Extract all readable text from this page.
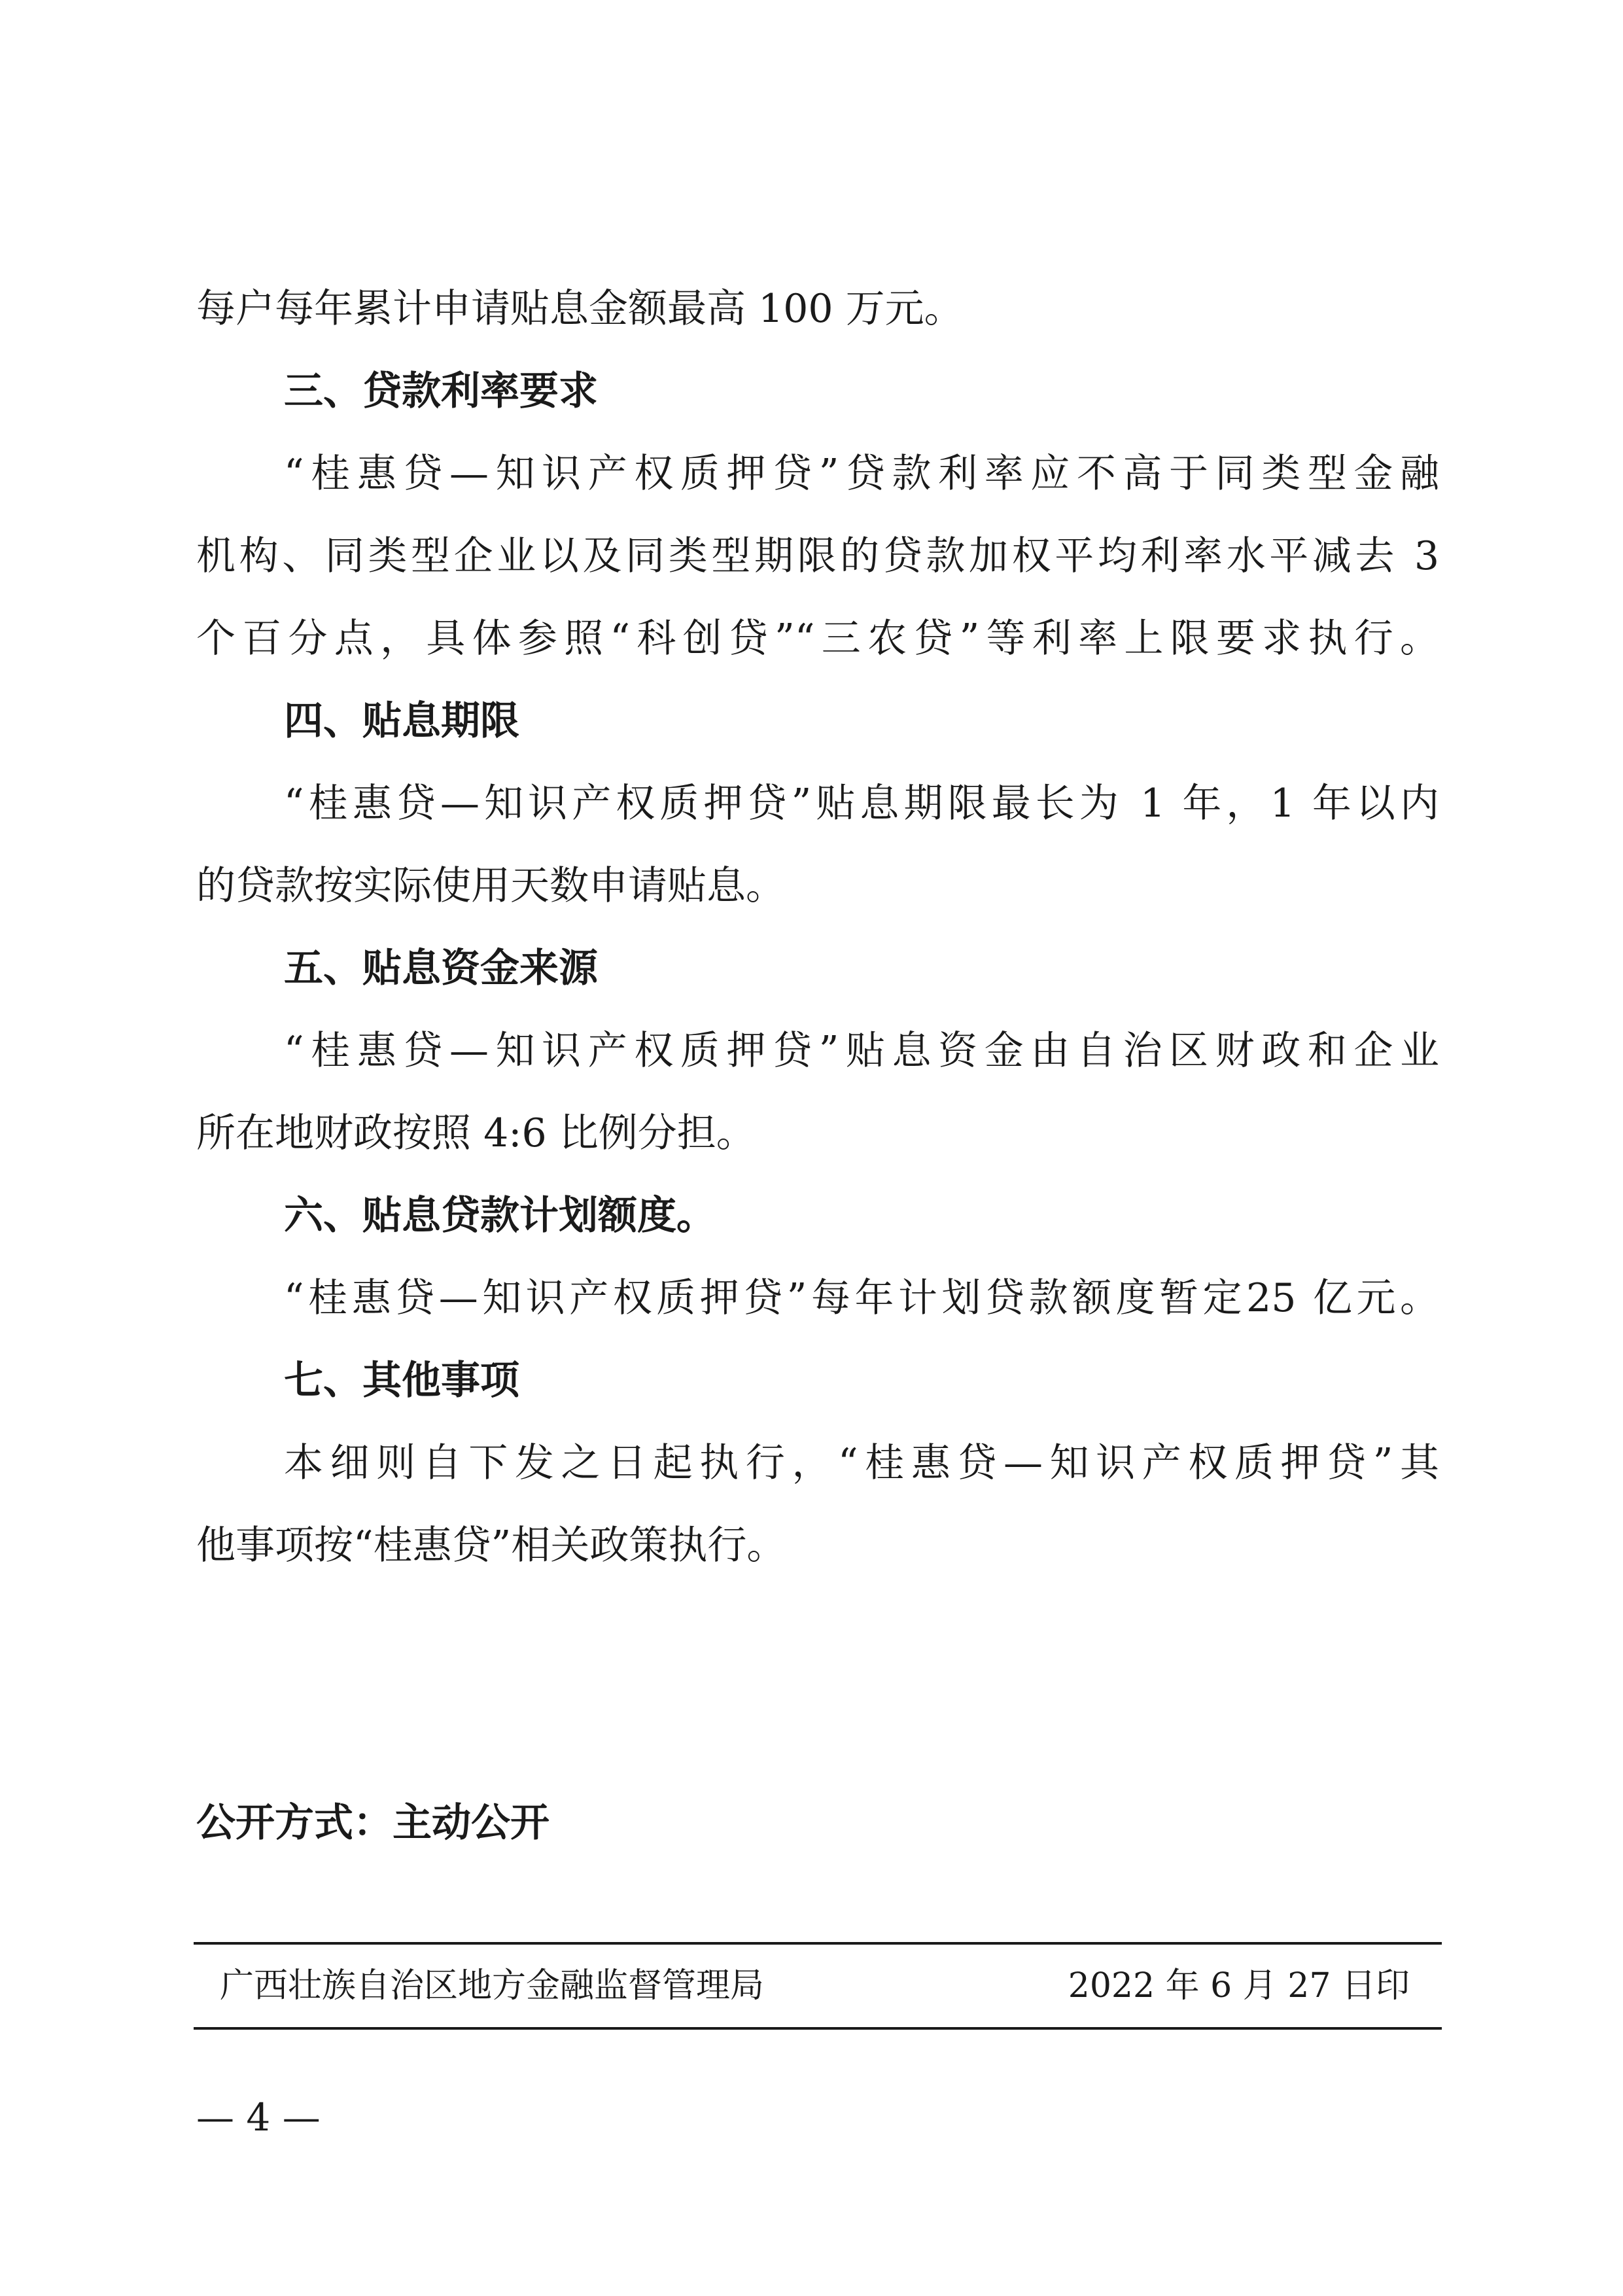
每户每年累计申请贴息金额最高 100 万元。

三、贷款利率要求

“桂惠贷—知识产权质押贷”贷款利率应不高于同类型金融

机构、同类型企业以及同类型期限的贷款加权平均利率水平减去 3

个百分点，具体参照“科创贷”“三农贷”等利率上限要求执行。

四、贴息期限

“桂惠贷—知识产权质押贷”贴息期限最长为 1 年，1 年以内

的贷款按实际使用天数申请贴息。

五、贴息资金来源

“桂惠贷—知识产权质押贷”贴息资金由自治区财政和企业

所在地财政按照 4:6 比例分担。

六、贴息贷款计划额度。

“桂惠贷—知识产权质押贷”每年计划贷款额度暂定25 亿元。

七、其他事项

本细则自下发之日起执行，“桂惠贷—知识产权质押贷”其

他事项按“桂惠贷”相关政策执行。

公开方式：主动公开
广西壮族自治区地方金融监督管理局	2022 年 6 月 27 日印
— 4 —
